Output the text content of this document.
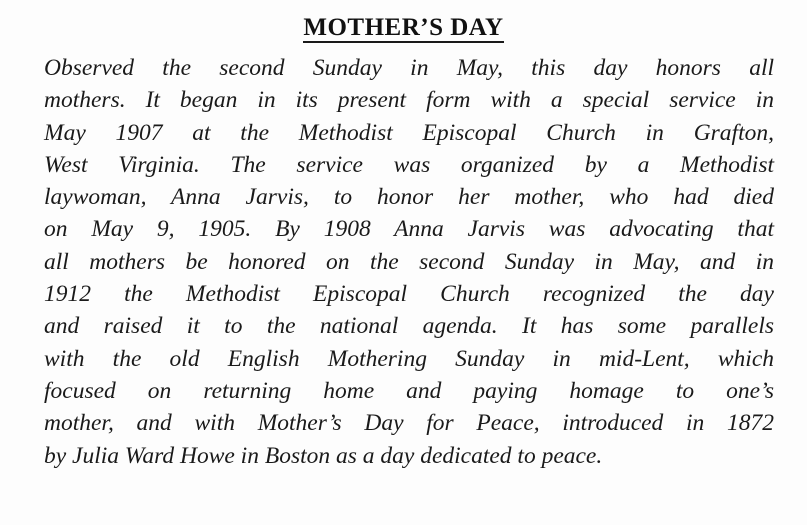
MOTHER’S DAY
Observed the second Sunday in May, this day honors all
mothers. It began in its present form with a special service in
May 1907 at the Methodist Episcopal Church in Grafton,
West Virginia. The service was organized by a Methodist
laywoman, Anna Jarvis, to honor her mother, who had died
on May 9, 1905. By 1908 Anna Jarvis was advocating that
all mothers be honored on the second Sunday in May, and in
1912 the Methodist Episcopal Church recognized the day
and raised it to the national agenda. It has some parallels
with the old English Mothering Sunday in mid-Lent, which
focused on returning home and paying homage to one’s
mother, and with Mother’s Day for Peace, introduced in 1872
by Julia Ward Howe in Boston as a day dedicated to peace.
